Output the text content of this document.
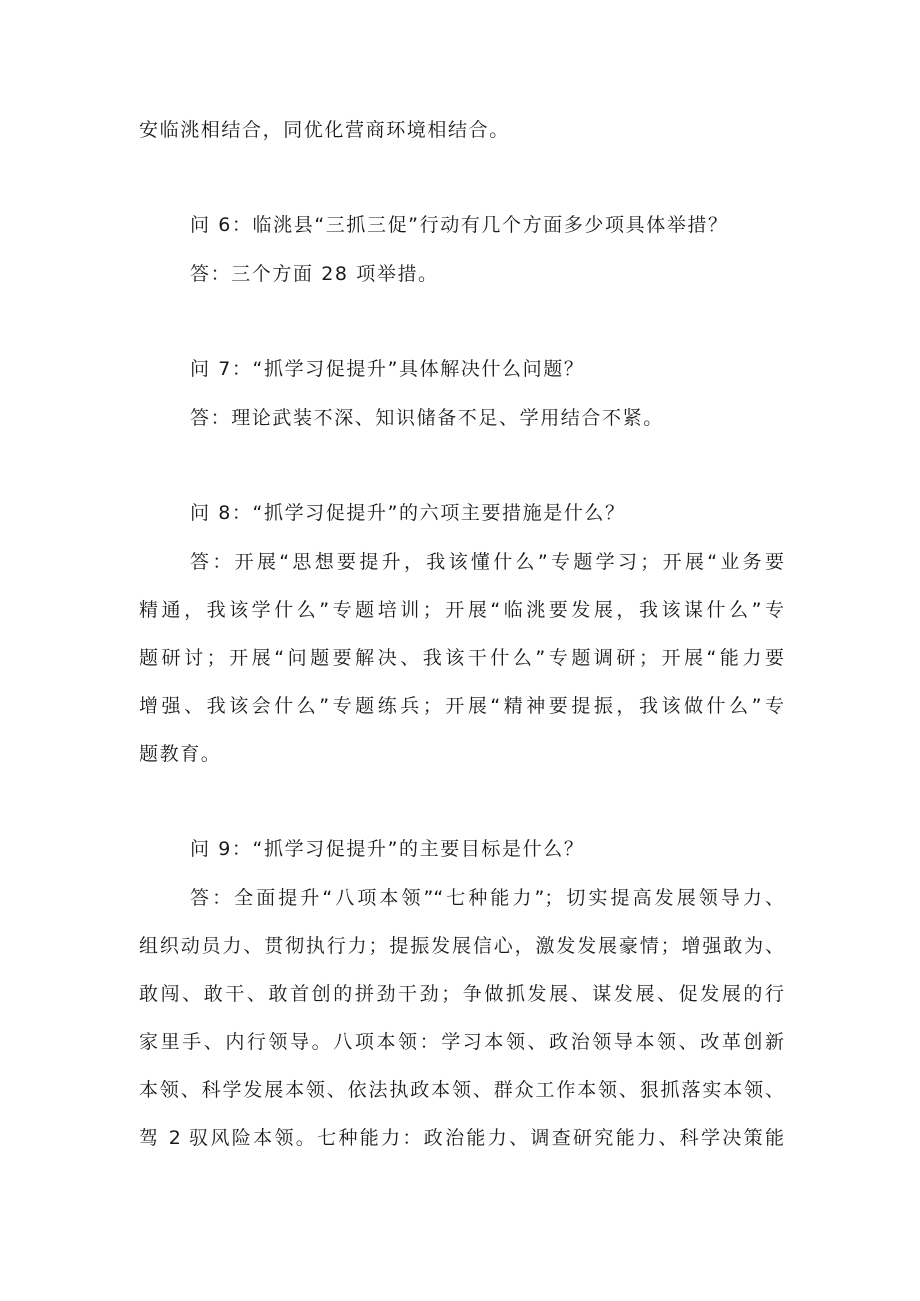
安临洮相结合，同优化营商环境相结合。
问 6：临洮县“三抓三促”行动有几个方面多少项具体举措？
答：三个方面 28 项举措。
问 7：“抓学习促提升”具体解决什么问题？
答：理论武装不深、知识储备不足、学用结合不紧。
问 8：“抓学习促提升”的六项主要措施是什么？
答：开展“思想要提升，我该懂什么”专题学习；开展“业务要
精通，我该学什么”专题培训；开展“临洮要发展，我该谋什么”专
题研讨；开展“问题要解决、我该干什么”专题调研；开展“能力要
增强、我该会什么”专题练兵；开展“精神要提振，我该做什么”专
题教育。
问 9：“抓学习促提升”的主要目标是什么？
答：全面提升“八项本领”“七种能力”；切实提高发展领导力、
组织动员力、贯彻执行力；提振发展信心，激发发展豪情；增强敢为、
敢闯、敢干、敢首创的拼劲干劲；争做抓发展、谋发展、促发展的行
家里手、内行领导。八项本领：学习本领、政治领导本领、改革创新
本领、科学发展本领、依法执政本领、群众工作本领、狠抓落实本领、
驾 2 驭风险本领。七种能力：政治能力、调查研究能力、科学决策能
